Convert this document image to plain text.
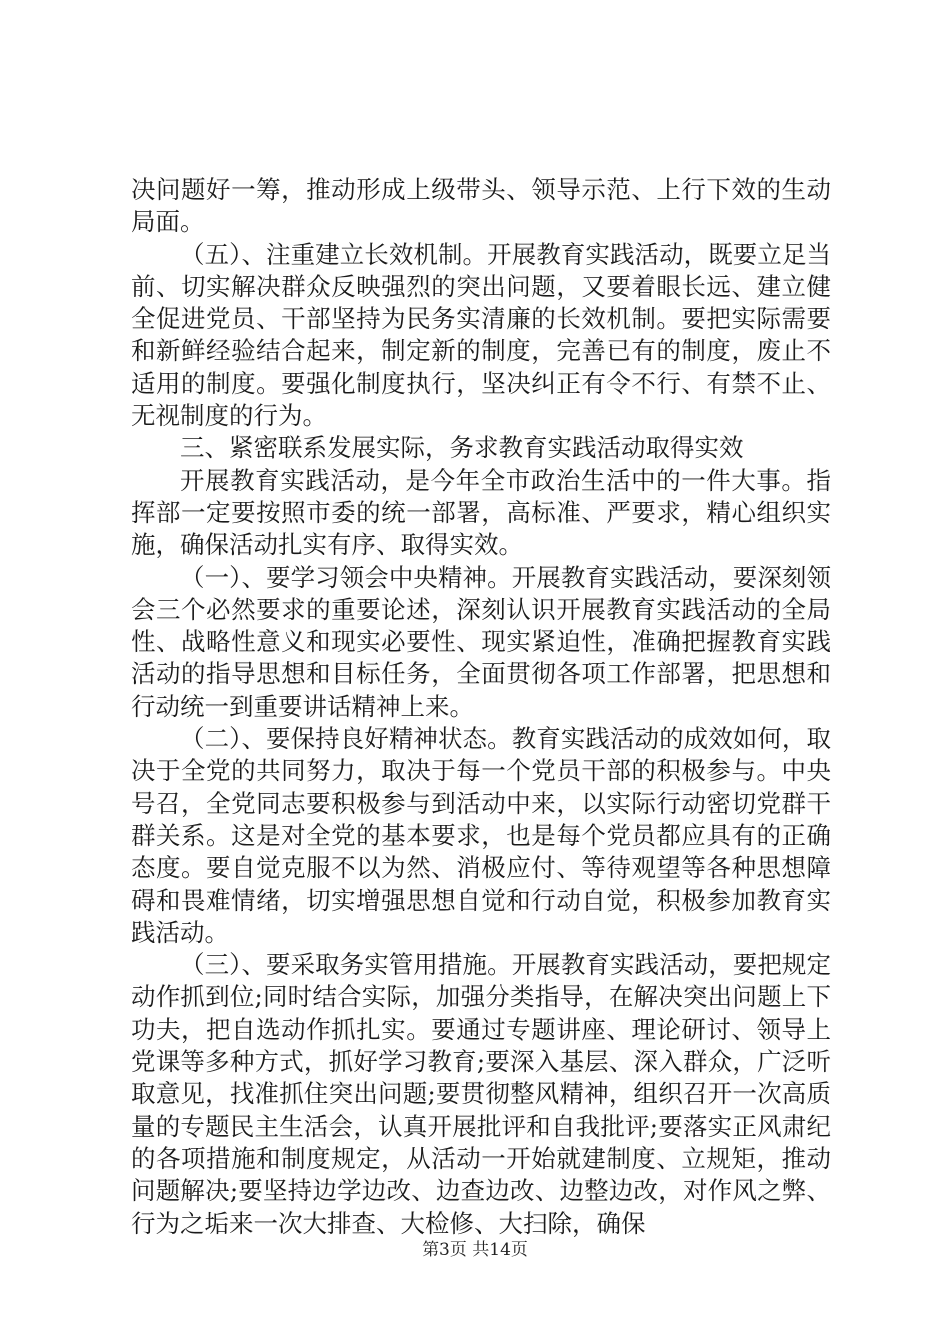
决问题好一筹，推动形成上级带头、领导示范、上行下效的生动局面。

（五）、注重建立长效机制。开展教育实践活动，既要立足当前、切实解决群众反映强烈的突出问题，又要着眼长远、建立健全促进党员、干部坚持为民务实清廉的长效机制。要把实际需要和新鲜经验结合起来，制定新的制度，完善已有的制度，废止不适用的制度。要强化制度执行，坚决纠正有令不行、有禁不止、无视制度的行为。

三、紧密联系发展实际，务求教育实践活动取得实效

开展教育实践活动，是今年全市政治生活中的一件大事。指挥部一定要按照市委的统一部署，高标准、严要求，精心组织实施，确保活动扎实有序、取得实效。

（一）、要学习领会中央精神。开展教育实践活动，要深刻领会三个必然要求的重要论述，深刻认识开展教育实践活动的全局性、战略性意义和现实必要性、现实紧迫性，准确把握教育实践活动的指导思想和目标任务，全面贯彻各项工作部署，把思想和行动统一到重要讲话精神上来。

（二）、要保持良好精神状态。教育实践活动的成效如何，取决于全党的共同努力，取决于每一个党员干部的积极参与。中央号召，全党同志要积极参与到活动中来，以实际行动密切党群干群关系。这是对全党的基本要求，也是每个党员都应具有的正确态度。要自觉克服不以为然、消极应付、等待观望等各种思想障碍和畏难情绪，切实增强思想自觉和行动自觉，积极参加教育实践活动。

（三）、要采取务实管用措施。开展教育实践活动，要把规定动作抓到位;同时结合实际，加强分类指导，在解决突出问题上下功夫，把自选动作抓扎实。要通过专题讲座、理论研讨、领导上党课等多种方式，抓好学习教育;要深入基层、深入群众，广泛听取意见，找准抓住突出问题;要贯彻整风精神，组织召开一次高质量的专题民主生活会，认真开展批评和自我批评;要落实正风肃纪的各项措施和制度规定，从活动一开始就建制度、立规矩，推动问题解决;要坚持边学边改、边查边改、边整边改，对作风之弊、行为之垢来一次大排查、大检修、大扫除，确保

第3页 共14页
